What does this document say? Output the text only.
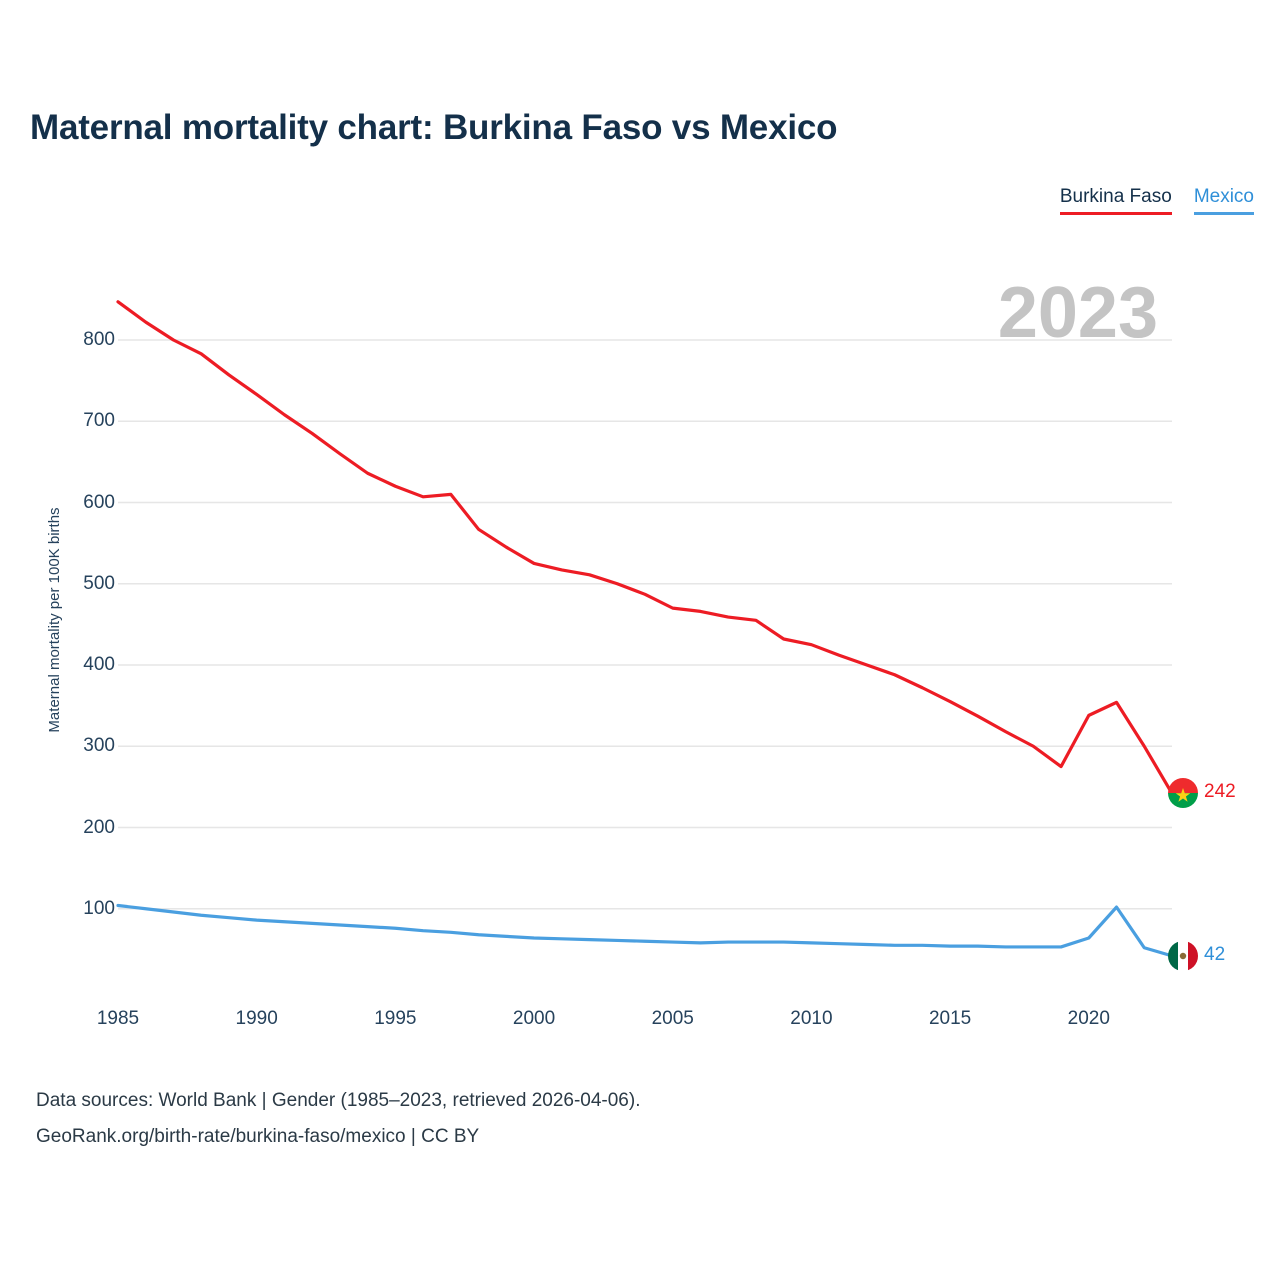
Maternal mortality chart: Burkina Faso vs Mexico
Burkina Faso Mexico
2023
Maternal mortality per 100K births
100
200
300
400
500
600
700
800
1985	1990	1995	2000	2005	2010	2015	2020
242
42
Data sources: World Bank | Gender (1985–2023, retrieved 2026-04-06).
GeoRank.org/birth-rate/burkina-faso/mexico | CC BY
